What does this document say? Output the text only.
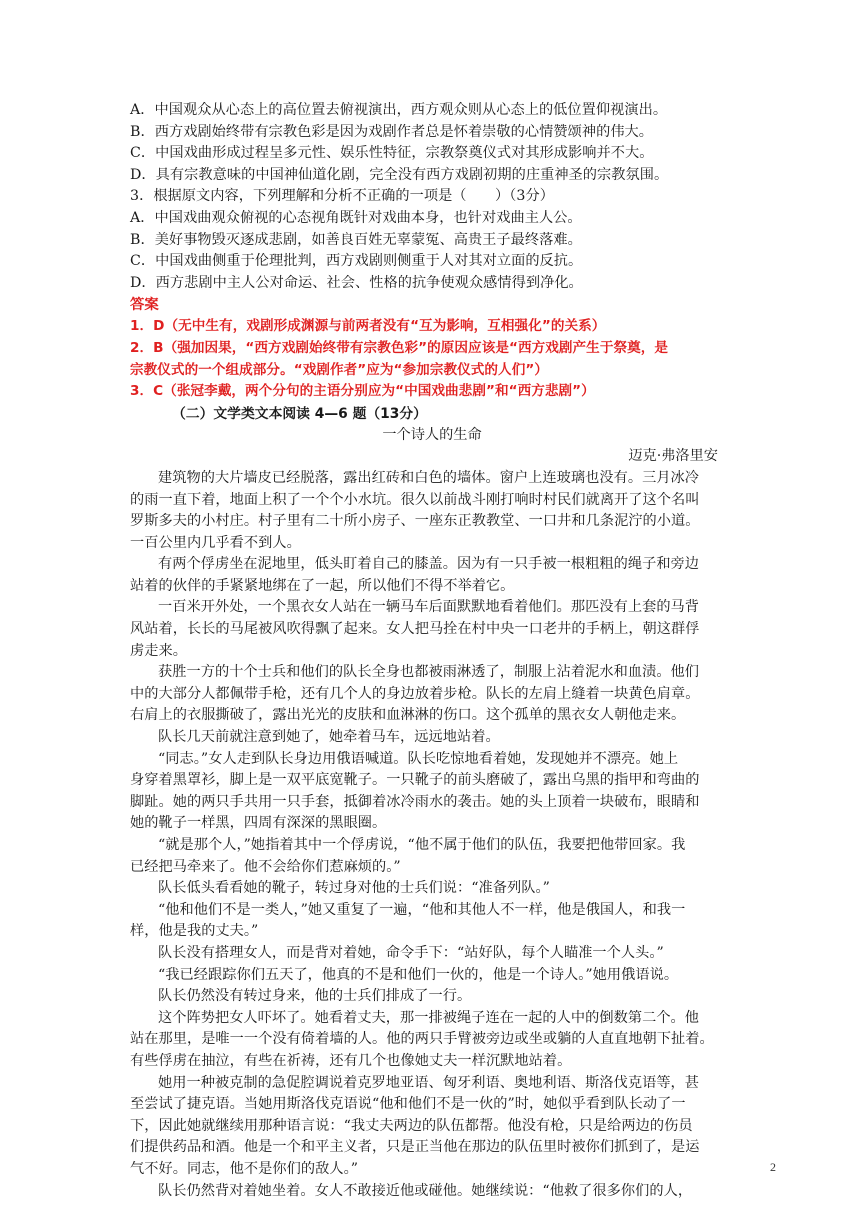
A．中国观众从心态上的高位置去俯视演出，西方观众则从心态上的低位置仰视演出。
B．西方戏剧始终带有宗教色彩是因为戏剧作者总是怀着崇敬的心情赞颂神的伟大。
C．中国戏曲形成过程呈多元性、娱乐性特征，宗教祭奠仪式对其形成影响并不大。
D．具有宗教意味的中国神仙道化剧，完全没有西方戏剧初期的庄重神圣的宗教氛围。
3．根据原文内容，下列理解和分析不正确的一项是（　　）（3分）
A．中国戏曲观众俯视的心态视角既针对戏曲本身，也针对戏曲主人公。
B．美好事物毁灭逐成悲剧，如善良百姓无辜蒙冤、高贵王子最终落难。
C．中国戏曲侧重于伦理批判，西方戏剧则侧重于人对其对立面的反抗。
D．西方悲剧中主人公对命运、社会、性格的抗争使观众感情得到净化。
答案
1．D（无中生有，戏剧形成渊源与前两者没有“互为影响，互相强化”的关系）
2．B（强加因果，“西方戏剧始终带有宗教色彩”的原因应该是“西方戏剧产生于祭奠，是
宗教仪式的一个组成部分。“戏剧作者”应为“参加宗教仪式的人们”）
3．C（张冠李戴，两个分句的主语分别应为“中国戏曲悲剧”和“西方悲剧”）
（二）文学类文本阅读 4—6 题（13分）
一个诗人的生命
迈克·弗洛里安
建筑物的大片墙皮已经脱落，露出红砖和白色的墙体。窗户上连玻璃也没有。三月冰冷
的雨一直下着，地面上积了一个个小水坑。很久以前战斗刚打响时村民们就离开了这个名叫
罗斯多夫的小村庄。村子里有二十所小房子、一座东正教教堂、一口井和几条泥泞的小道。
一百公里内几乎看不到人。
有两个俘虏坐在泥地里，低头盯着自己的膝盖。因为有一只手被一根粗粗的绳子和旁边
站着的伙伴的手紧紧地绑在了一起，所以他们不得不举着它。
一百米开外处，一个黑衣女人站在一辆马车后面默默地看着他们。那匹没有上套的马背
风站着，长长的马尾被风吹得飘了起来。女人把马拴在村中央一口老井的手柄上，朝这群俘
虏走来。
获胜一方的十个士兵和他们的队长全身也都被雨淋透了，制服上沾着泥水和血渍。他们
中的大部分人都佩带手枪，还有几个人的身边放着步枪。队长的左肩上缝着一块黄色肩章。
右肩上的衣服撕破了，露出光光的皮肤和血淋淋的伤口。这个孤单的黑衣女人朝他走来。
队长几天前就注意到她了，她牵着马车，远远地站着。
“同志。”女人走到队长身边用俄语喊道。队长吃惊地看着她，发现她并不漂亮。她上
身穿着黑罩衫，脚上是一双平底宽靴子。一只靴子的前头磨破了，露出乌黑的指甲和弯曲的
脚趾。她的两只手共用一只手套，抵御着冰冷雨水的袭击。她的头上顶着一块破布，眼睛和
她的靴子一样黑，四周有深深的黑眼圈。
“就是那个人，”她指着其中一个俘虏说，“他不属于他们的队伍，我要把他带回家。我
已经把马牵来了。他不会给你们惹麻烦的。”
队长低头看看她的靴子，转过身对他的士兵们说：“准备列队。”
“他和他们不是一类人，”她又重复了一遍，“他和其他人不一样，他是俄国人，和我一
样，他是我的丈夫。”
队长没有搭理女人，而是背对着她，命令手下：“站好队，每个人瞄准一个人头。”
“我已经跟踪你们五天了，他真的不是和他们一伙的，他是一个诗人。”她用俄语说。
队长仍然没有转过身来，他的士兵们排成了一行。
这个阵势把女人吓坏了。她看着丈夫，那一排被绳子连在一起的人中的倒数第二个。他
站在那里，是唯一一个没有倚着墙的人。他的两只手臂被旁边或坐或躺的人直直地朝下扯着。
有些俘虏在抽泣，有些在祈祷，还有几个也像她丈夫一样沉默地站着。
她用一种被克制的急促腔调说着克罗地亚语、匈牙利语、奥地利语、斯洛伐克语等，甚
至尝试了捷克语。当她用斯洛伐克语说“他和他们不是一伙的”时，她似乎看到队长动了一
下，因此她就继续用那种语言说：“我丈夫两边的队伍都帮。他没有枪，只是给两边的伤员
们提供药品和酒。他是一个和平主义者，只是正当他在那边的队伍里时被你们抓到了，是运
气不好。同志，他不是你们的敌人。”
队长仍然背对着她坐着。女人不敢接近他或碰他。她继续说：“他救了很多你们的人，
2
